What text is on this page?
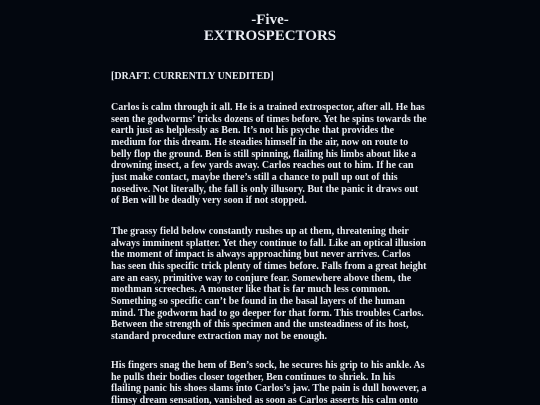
-Five-
EXTROSPECTORS
[DRAFT. CURRENTLY UNEDITED]
Carlos is calm through it all. He is a trained extrospector, after all. He has
seen the godworms’ tricks dozens of times before. Yet he spins towards the
earth just as helplessly as Ben. It’s not his psyche that provides the
medium for this dream. He steadies himself in the air, now on route to
belly flop the ground. Ben is still spinning, flailing his limbs about like a
drowning insect, a few yards away. Carlos reaches out to him. If he can
just make contact, maybe there’s still a chance to pull up out of this
nosedive. Not literally, the fall is only illusory. But the panic it draws out
of Ben will be deadly very soon if not stopped.
The grassy field below constantly rushes up at them, threatening their
always imminent splatter. Yet they continue to fall. Like an optical illusion
the moment of impact is always approaching but never arrives. Carlos
has seen this specific trick plenty of times before. Falls from a great height
are an easy, primitive way to conjure fear. Somewhere above them, the
mothman screeches. A monster like that is far much less common.
Something so specific can’t be found in the basal layers of the human
mind. The godworm had to go deeper for that form. This troubles Carlos.
Between the strength of this specimen and the unsteadiness of its host,
standard procedure extraction may not be enough.
His fingers snag the hem of Ben’s sock, he secures his grip to his ankle. As
he pulls their bodies closer together, Ben continues to shriek. In his
flailing panic his shoes slams into Carlos’s jaw. The pain is dull however, a
flimsy dream sensation, vanished as soon as Carlos asserts his calm onto
